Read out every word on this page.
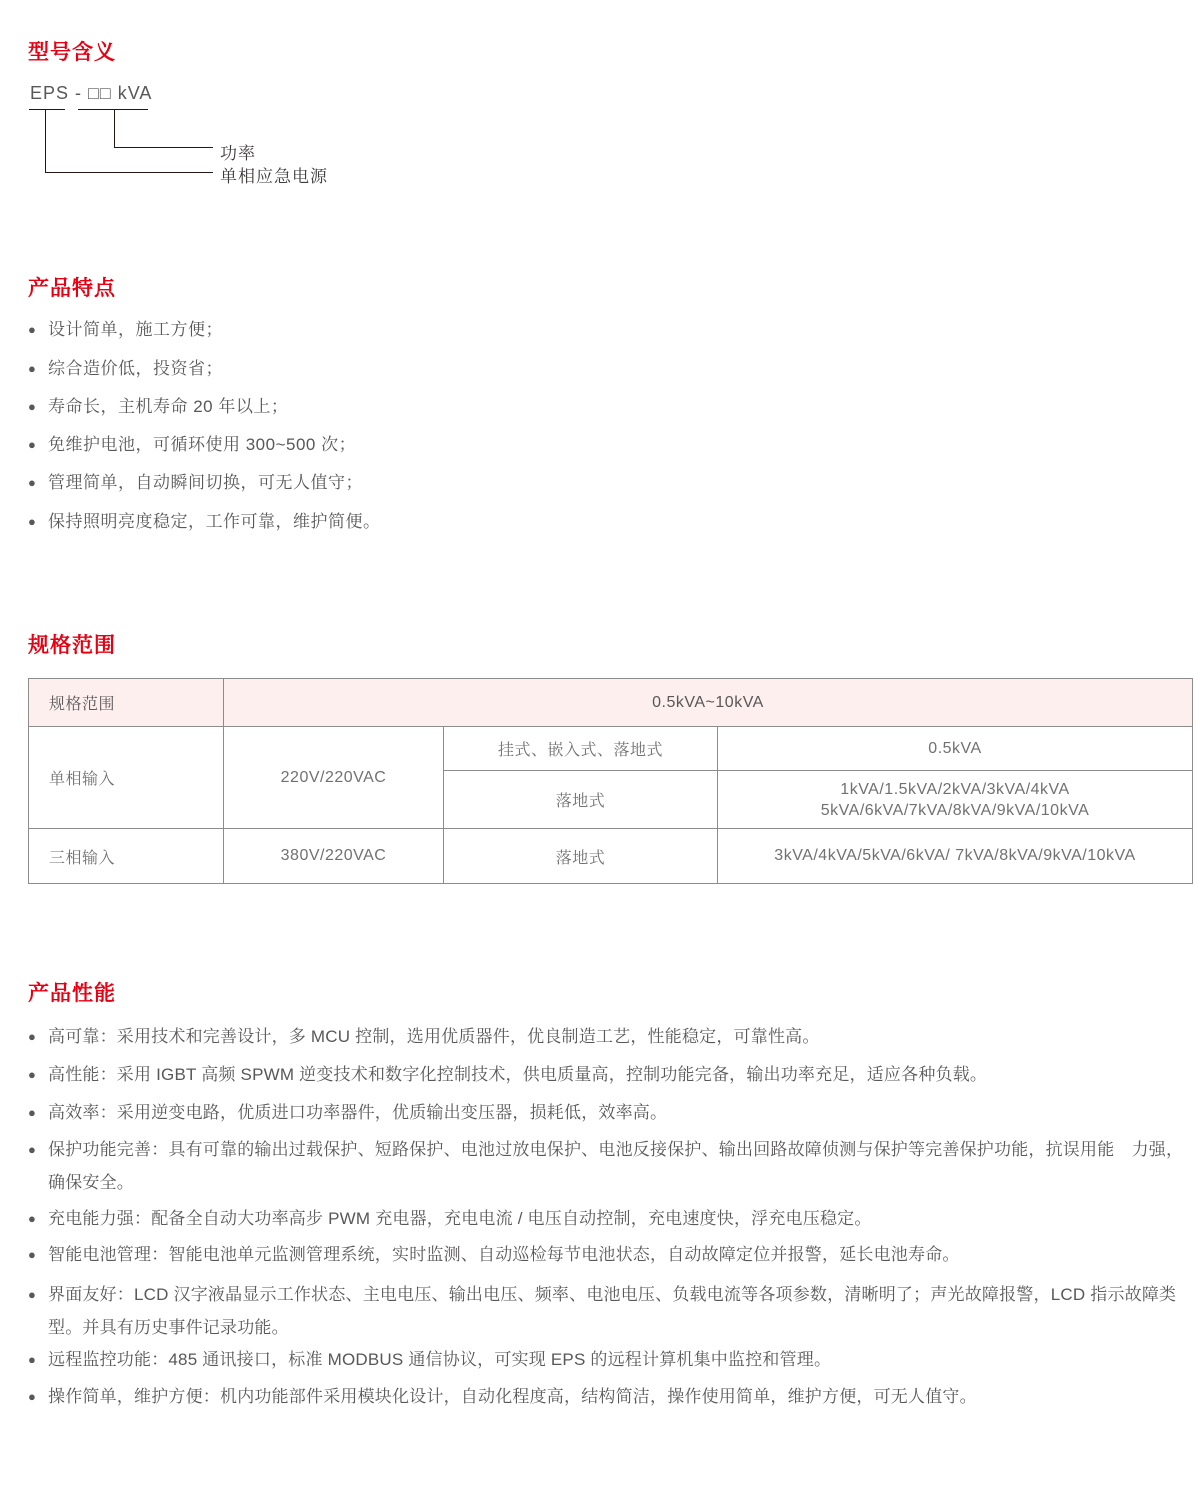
型号含义
EPS - □□ kVA
功率
单相应急电源
产品特点
● 设计简单，施工方便；
● 综合造价低，投资省；
● 寿命长，主机寿命 20 年以上；
● 免维护电池，可循环使用 300~500 次；
● 管理简单，自动瞬间切换，可无人值守；
● 保持照明亮度稳定，工作可靠，维护简便。
规格范围
规格范围	0.5kVA~10kVA		
单相输入	220V/220VAC	挂式、嵌入式、落地式	0.5kVA
		落地式	1kVA/1.5kVA/2kVA/3kVA/4kVA
5kVA/6kVA/7kVA/8kVA/9kVA/10kVA

三相输入	380V/220VAC	落地式	3kVA/4kVA/5kVA/6kVA/ 7kVA/8kVA/9kVA/10kVA
产品性能
● 高可靠：采用技术和完善设计，多 MCU 控制，选用优质器件，优良制造工艺，性能稳定，可靠性高。
● 高性能：采用 IGBT 高频 SPWM 逆变技术和数字化控制技术，供电质量高，控制功能完备，输出功率充足，适应各种负载。
● 高效率：采用逆变电路，优质进口功率器件，优质输出变压器，损耗低，效率高。
● 保护功能完善：具有可靠的输出过载保护、短路保护、电池过放电保护、电池反接保护、输出回路故障侦测与保护等完善保护功能，抗误用能　力强，
确保安全。
● 充电能力强：配备全自动大功率高步 PWM 充电器，充电电流 / 电压自动控制，充电速度快，浮充电压稳定。
● 智能电池管理：智能电池单元监测管理系统，实时监测、自动巡检每节电池状态，自动故障定位并报警，延长电池寿命。
● 界面友好：LCD 汉字液晶显示工作状态、主电电压、输出电压、频率、电池电压、负载电流等各项参数，清晰明了；声光故障报警，LCD 指示故障类
型。并具有历史事件记录功能。
● 远程监控功能：485 通讯接口，标准 MODBUS 通信协议，可实现 EPS 的远程计算机集中监控和管理。
● 操作简单，维护方便：机内功能部件采用模块化设计，自动化程度高，结构简洁，操作使用简单，维护方便，可无人值守。
